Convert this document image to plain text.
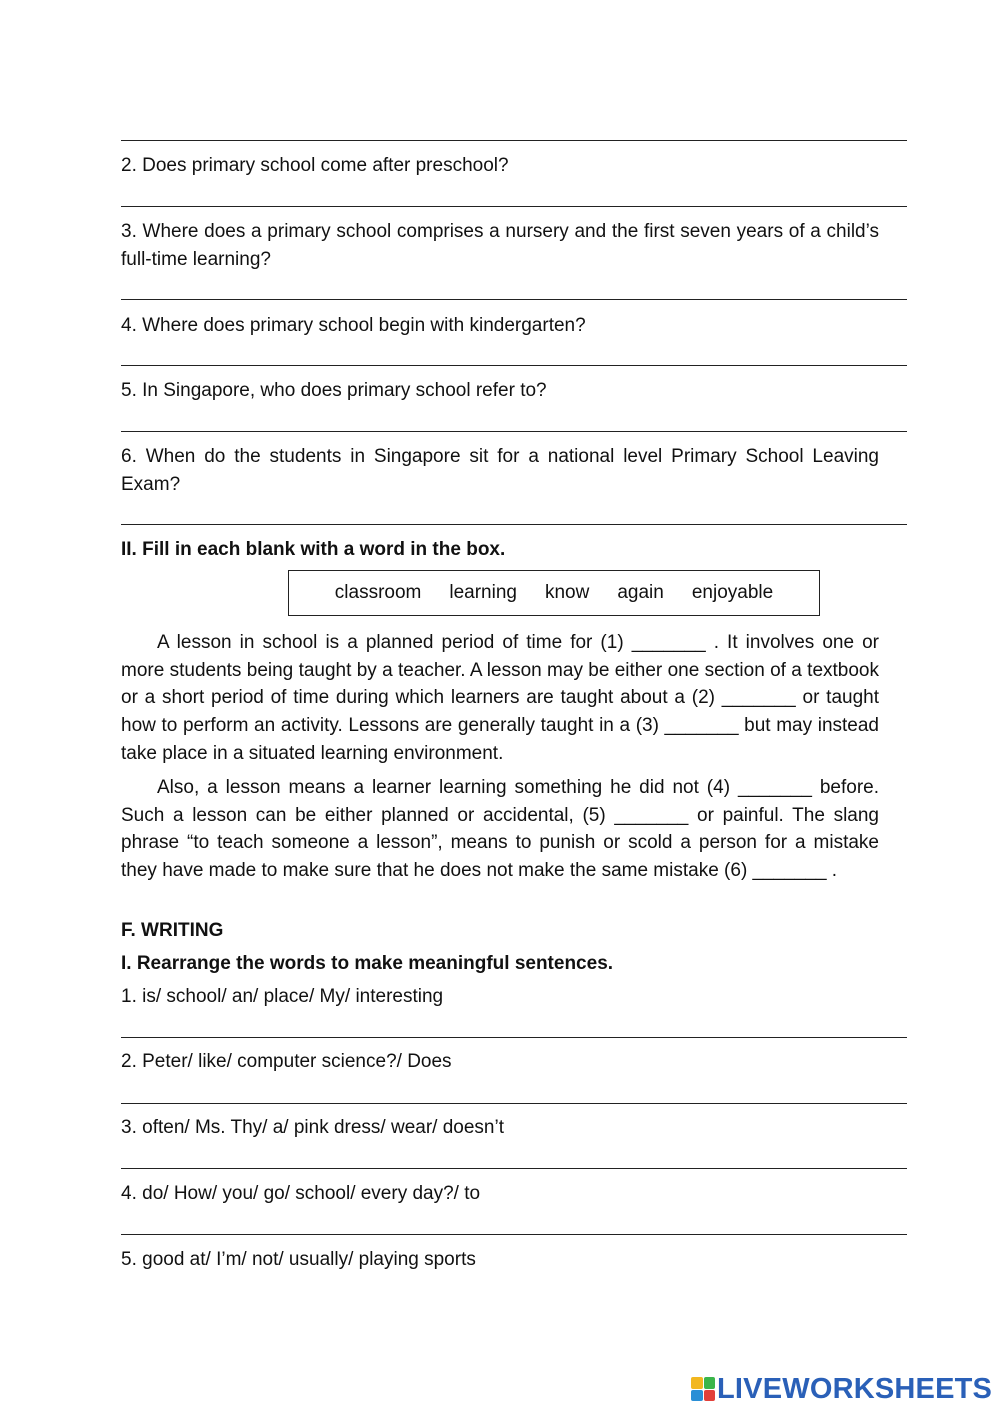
2. Does primary school come after preschool?
3. Where does a primary school comprises a nursery and the first seven years of a child’s full-time learning?
4. Where does primary school begin with kindergarten?
5. In Singapore, who does primary school refer to?
6. When do the students in Singapore sit for a national level Primary School Leaving Exam?
II. Fill in each blank with a word in the box.
classroom learning know again enjoyable
A lesson in school is a planned period of time for (1) _______ . It involves one or more students being taught by a teacher. A lesson may be either one section of a textbook or a short period of time during which learners are taught about a (2) _______ or taught how to perform an activity. Lessons are generally taught in a (3) _______ but may instead take place in a situated learning environment.
Also, a lesson means a learner learning something he did not (4) _______ before. Such a lesson can be either planned or accidental, (5) _______ or painful. The slang phrase “to teach someone a lesson”, means to punish or scold a person for a mistake they have made to make sure that he does not make the same mistake (6) _______ .
F. WRITING
I. Rearrange the words to make meaningful sentences.
1. is/ school/ an/ place/ My/ interesting
2. Peter/ like/ computer science?/ Does
3. often/ Ms. Thy/ a/ pink dress/ wear/ doesn’t
4. do/ How/ you/ go/ school/ every day?/ to
5. good at/ I’m/ not/ usually/ playing sports
LIVEWORKSHEETS
